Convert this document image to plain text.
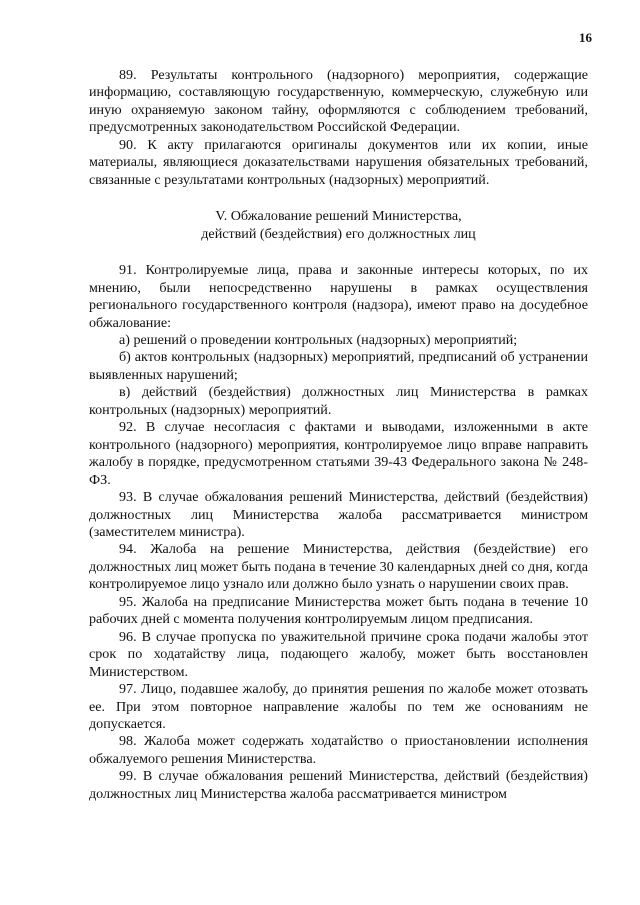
16

89. Результаты контрольного (надзорного) мероприятия, содержащие информацию, составляющую государственную, коммерческую, служебную или иную охраняемую законом тайну, оформляются с соблюдением требований, предусмотренных законодательством Российской Федерации.

90. К акту прилагаются оригиналы документов или их копии, иные материалы, являющиеся доказательствами нарушения обязательных требований, связанные с результатами контрольных (надзорных) мероприятий.

V. Обжалование решений Министерства,
действий (бездействия) его должностных лиц

91. Контролируемые лица, права и законные интересы которых, по их мнению, были непосредственно нарушены в рамках осуществления регионального государственного контроля (надзора), имеют право на досудебное обжалование:

а) решений о проведении контрольных (надзорных) мероприятий;

б) актов контрольных (надзорных) мероприятий, предписаний об устранении выявленных нарушений;

в) действий (бездействия) должностных лиц Министерства в рамках контрольных (надзорных) мероприятий.

92. В случае несогласия с фактами и выводами, изложенными в акте контрольного (надзорного) мероприятия, контролируемое лицо вправе направить жалобу в порядке, предусмотренном статьями 39-43 Федерального закона № 248-ФЗ.

93. В случае обжалования решений Министерства, действий (бездействия) должностных лиц Министерства жалоба рассматривается министром (заместителем министра).

94. Жалоба на решение Министерства, действия (бездействие) его должностных лиц может быть подана в течение 30 календарных дней со дня, когда контролируемое лицо узнало или должно было узнать о нарушении своих прав.

95. Жалоба на предписание Министерства может быть подана в течение 10 рабочих дней с момента получения контролируемым лицом предписания.

96. В случае пропуска по уважительной причине срока подачи жалобы этот срок по ходатайству лица, подающего жалобу, может быть восстановлен Министерством.

97. Лицо, подавшее жалобу, до принятия решения по жалобе может отозвать ее. При этом повторное направление жалобы по тем же основаниям не допускается.

98. Жалоба может содержать ходатайство о приостановлении исполнения обжалуемого решения Министерства.

99. В случае обжалования решений Министерства, действий (бездействия) должностных лиц Министерства жалоба рассматривается министром
